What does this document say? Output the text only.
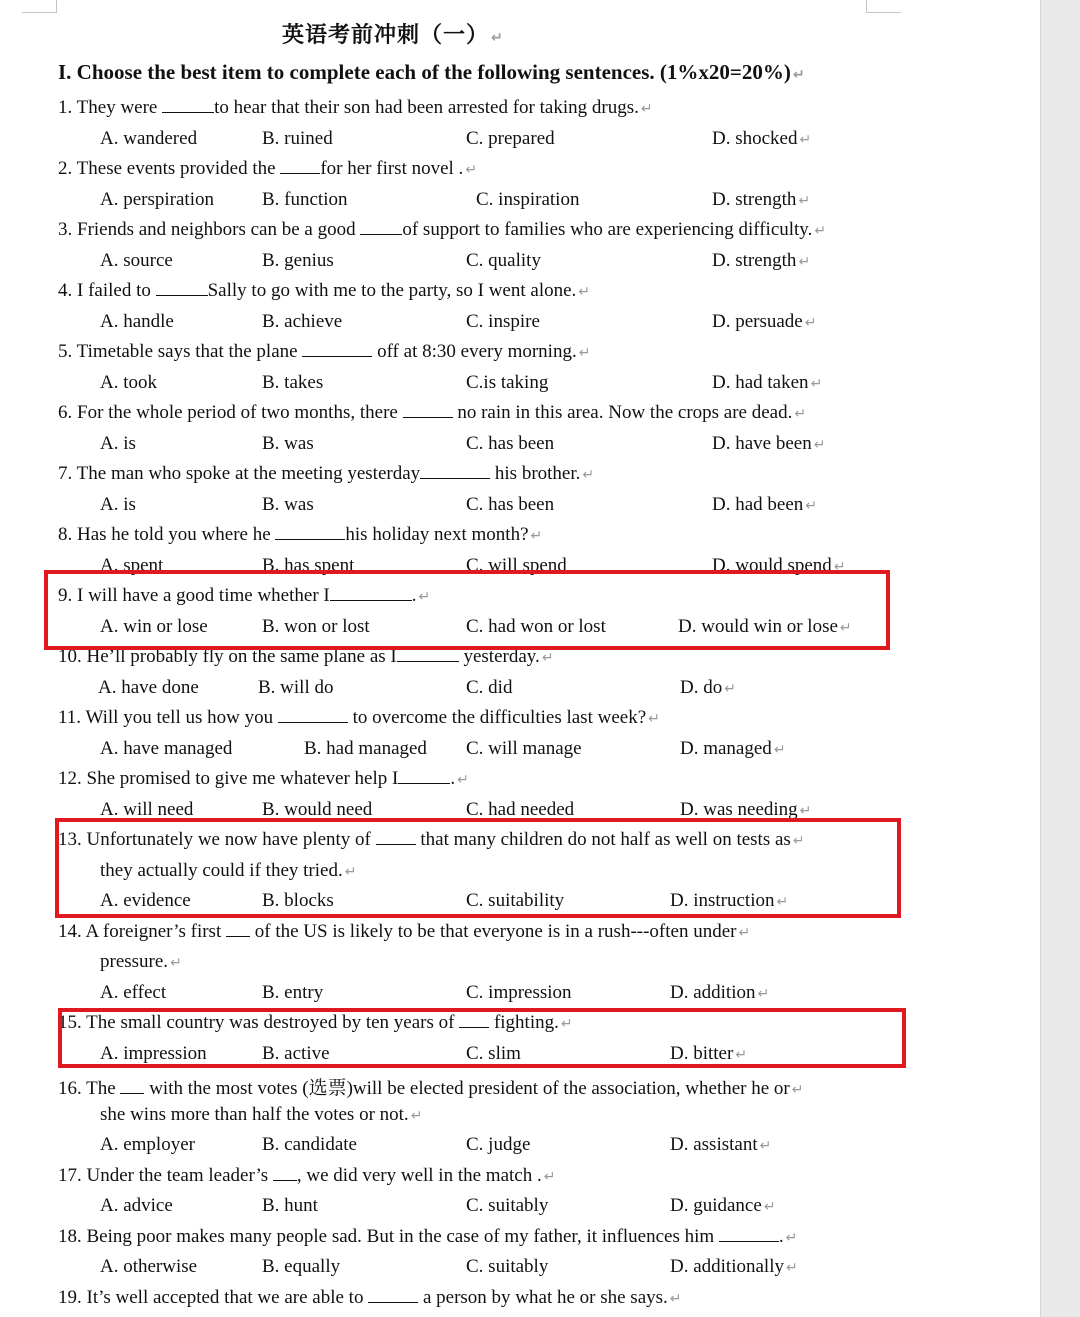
英语考前冲刺（一） ↵
I. Choose the best item to complete each of the following sentences. (1%x20=20%) ↵
1. They were	to hear that their son had been arrested for taking drugs. ↵
A. wandered	B. ruined	C. prepared	D. shocked ↵
2. These events provided the for her first novel . ↵
A. perspiration	B. function	C. inspiration	D. strength ↵
3. Friends and neighbors can be a good of support to families who are experiencing difficulty. ↵
A. source	B. genius	C. quality	D. strength ↵
4. I failed to	Sally to go with me to the party, so I went alone. ↵
A. handle	B. achieve	C. inspire	D. persuade ↵
5. Timetable says that the plane	off at 8:30 every morning. ↵
A. took	B. takes	C.is taking	D. had taken ↵
6. For the whole period of two months, there	no rain in this area. Now the crops are dead. ↵
A. is	B. was	C. has been	D. have been ↵
7. The man who spoke at the meeting yesterday	his brother. ↵
A. is	B. was	C. has been	D. had been ↵
8. Has he told you where he	his holiday next month? ↵
A. spent	B. has spent	C. will spend	D. would spend ↵
9. I will have a good time whether I	. ↵
A. win or lose	B. won or lost	C. had won or lost	D. would win or lose ↵
10. He’ll probably fly on the same plane as I	yesterday. ↵
A. have done	B. will do	C. did	D. do ↵
11. Will you tell us how you	to overcome the difficulties last week? ↵
A. have managed	B. had managed C. will manage	D. managed ↵
12. She promised to give me whatever help I	. ↵
A. will need	B. would need	C. had needed	D. was needing ↵
13. Unfortunately we now have plenty of  that many children do not half as well on tests as ↵
they actually could if they tried. ↵
A. evidence	B. blocks	C. suitability	D. instruction ↵
14. A foreigner’s first  of the US is likely to be that everyone is in a rush---often under ↵
pressure. ↵
A. effect	B. entry	C. impression	D. addition ↵
15. The small country was destroyed by ten years of  fighting. ↵
A. impression	B. active	C. slim	D. bitter ↵
16. The  with the most votes (选票)will be elected president of the association, whether he or ↵
she wins more than half the votes or not. ↵
A. employer	B. candidate	C. judge	D. assistant ↵
17. Under the team leader’s , we did very well in the match . ↵
A. advice	B. hunt	C. suitably	D. guidance ↵
18. Being poor makes many people sad. But in the case of my father, it influences him	. ↵
A. otherwise	B. equally	C. suitably	D. additionally ↵
19. It’s well accepted that we are able to	a person by what he or she says. ↵
